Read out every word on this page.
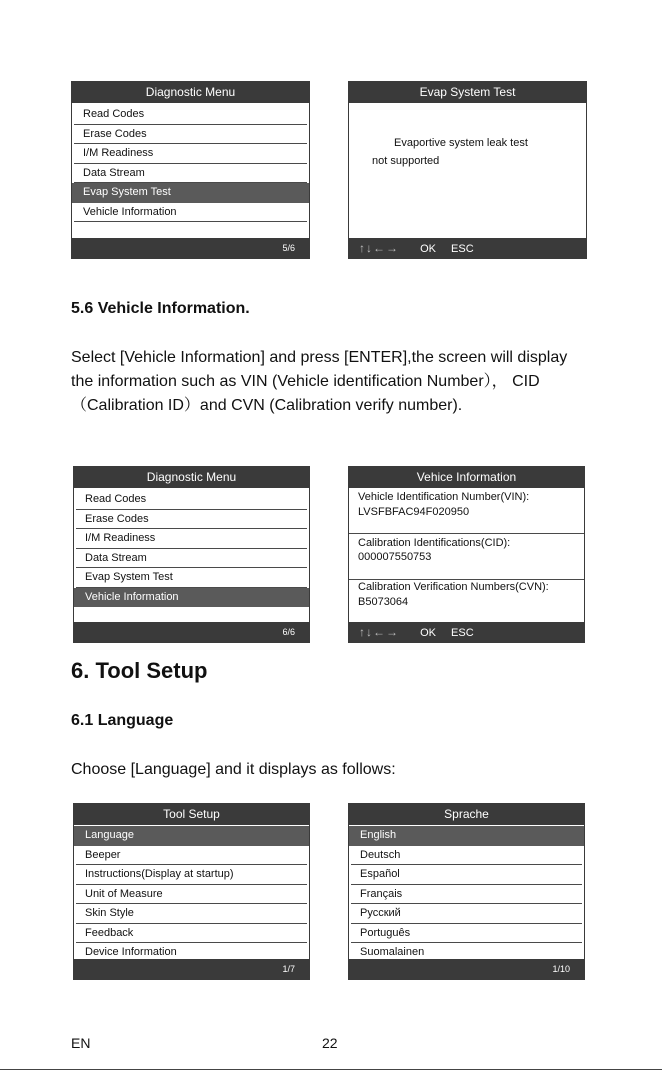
Diagnostic Menu
Read Codes
Erase Codes
I/M Readiness
Data Stream
Evap System Test
Vehicle Information
5/6
Evap System Test
Evaportive system leak test
not supported
↑↓←→ OK ESC
5.6 Vehicle Information.

Select [Vehicle Information] and press [ENTER],the screen will display the information such as VIN (Vehicle identification Number）， CID（Calibration ID）and CVN (Calibration verify number).

Diagnostic Menu
Read Codes
Erase Codes
I/M Readiness
Data Stream
Evap System Test
Vehicle Information
6/6
Vehice Information
Vehicle Identification Number(VIN):
LVSFBFAC94F020950
Calibration Identifications(CID):
000007550753
Calibration Verification Numbers(CVN):
B5073064
↑↓←→ OK ESC
6. Tool Setup
6.1 Language

Choose [Language] and it displays as follows:

Tool Setup
Language
Beeper
Instructions(Display at startup)
Unit of Measure
Skin Style
Feedback
Device Information
1/7
Sprache
English
Deutsch
Español
Français
Русский
Português
Suomalainen
1/10
EN	22
